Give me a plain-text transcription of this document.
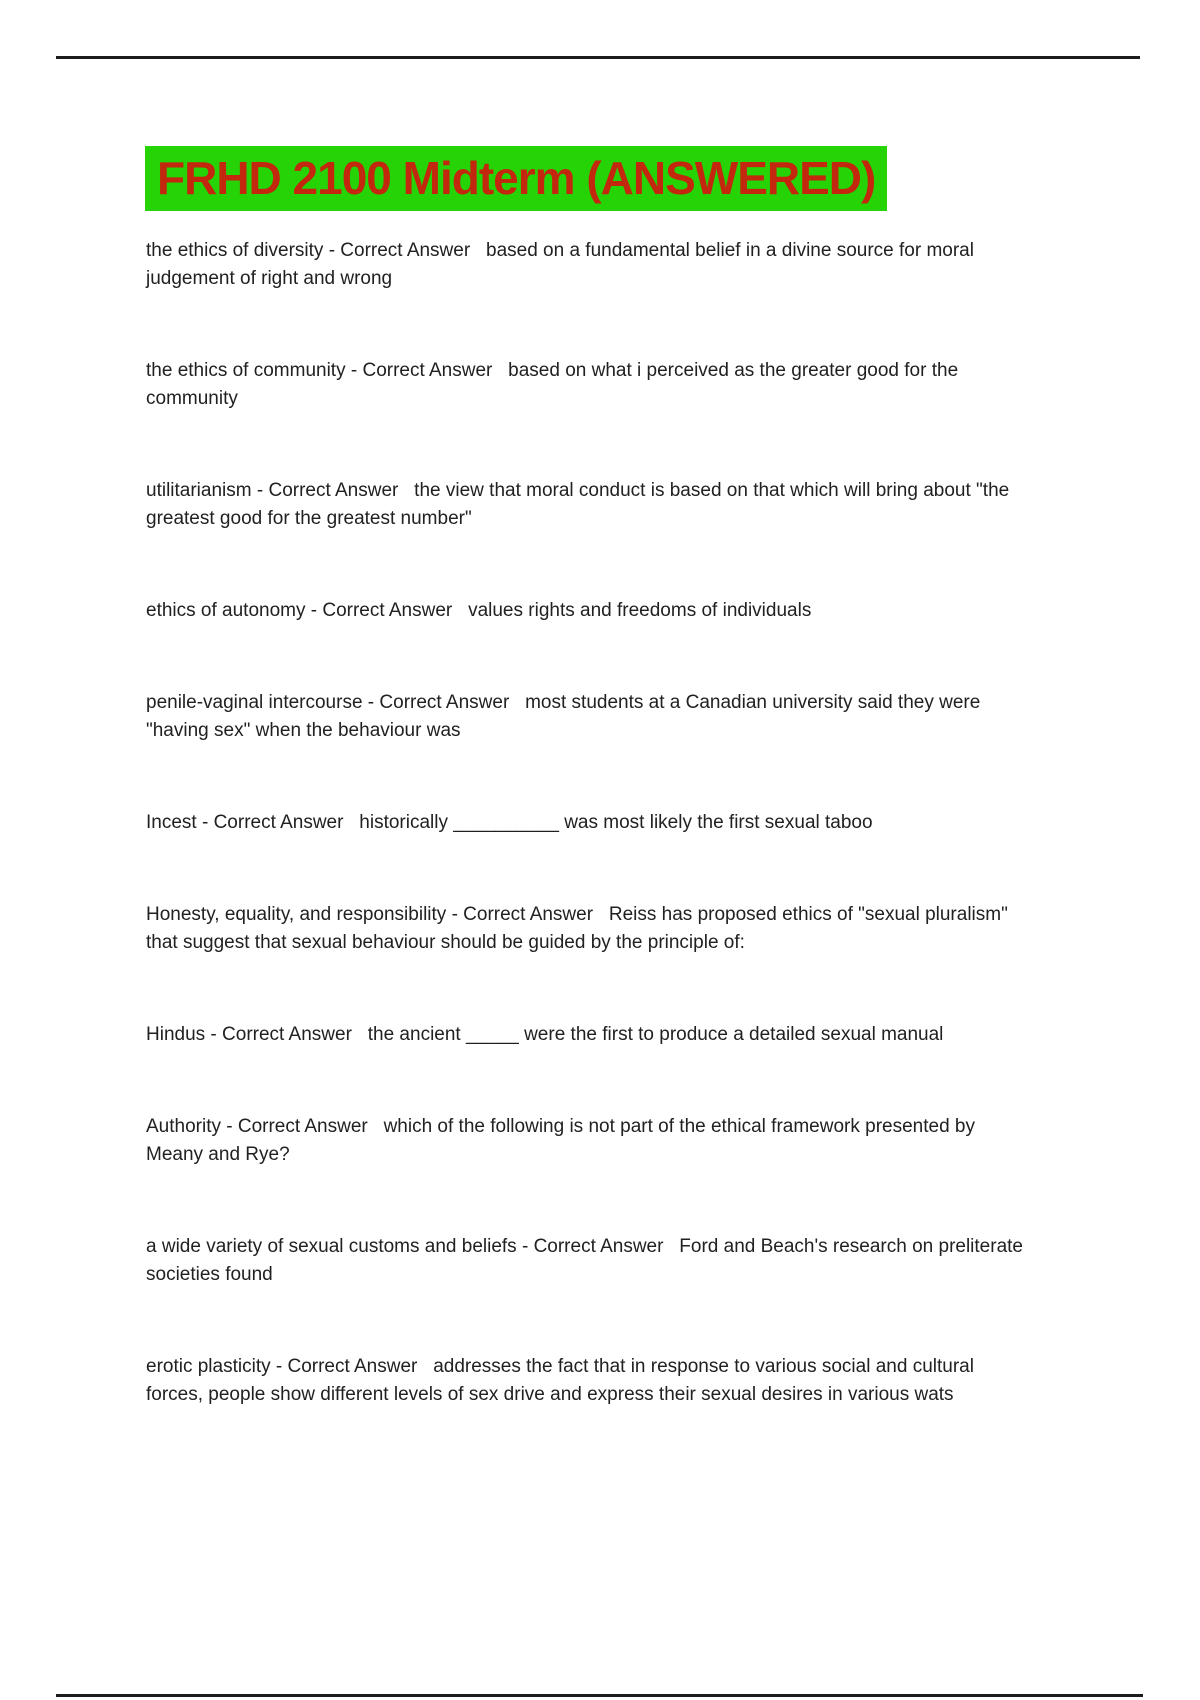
FRHD 2100 Midterm (ANSWERED)
the ethics of diversity - Correct Answer   based on a fundamental belief in a divine source for moral
judgement of right and wrong
the ethics of community - Correct Answer   based on what i perceived as the greater good for the
community
utilitarianism - Correct Answer   the view that moral conduct is based on that which will bring about "the
greatest good for the greatest number"
ethics of autonomy - Correct Answer   values rights and freedoms of individuals
penile-vaginal intercourse - Correct Answer   most students at a Canadian university said they were
"having sex" when the behaviour was
Incest - Correct Answer   historically __________ was most likely the first sexual taboo
Honesty, equality, and responsibility - Correct Answer   Reiss has proposed ethics of "sexual pluralism"
that suggest that sexual behaviour should be guided by the principle of:
Hindus - Correct Answer   the ancient _____ were the first to produce a detailed sexual manual
Authority - Correct Answer   which of the following is not part of the ethical framework presented by
Meany and Rye?
a wide variety of sexual customs and beliefs - Correct Answer   Ford and Beach's research on preliterate
societies found
erotic plasticity - Correct Answer   addresses the fact that in response to various social and cultural
forces, people show different levels of sex drive and express their sexual desires in various wats
